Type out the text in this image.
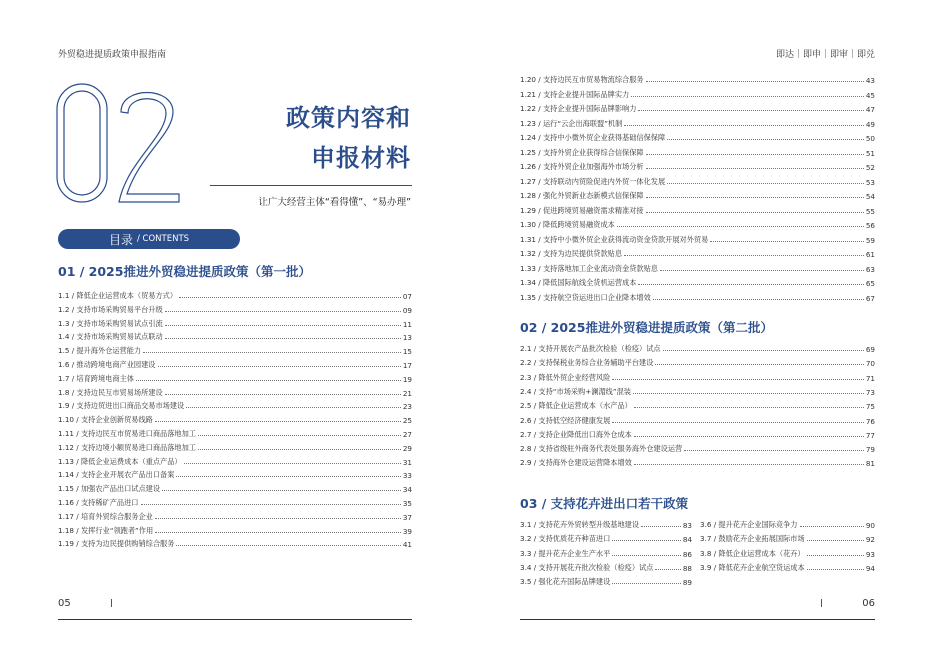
外贸稳进提质政策申报指南	即达｜即申｜即审｜即兑
政策内容和
申报材料
让广大经营主体“看得懂”、“易办理”
目录 / CONTENTS
01 / 2025推进外贸稳进提质政策（第一批）
02 / 2025推进外贸稳进提质政策（第二批）
03 / 支持花卉进出口若干政策
1.1 / 降低企业运营成本（贸易方式）	07
1.2 / 支持市场采购贸易平台升级	09
1.3 / 支持市场采购贸易试点引流	11
1.4 / 支持市场采购贸易试点联动	13
1.5 / 提升海外仓运营能力	15
1.6 / 推动跨境电商产业园建设	17
1.7 / 培育跨境电商主体	19
1.8 / 支持边民互市贸易场所建设	21
1.9 / 支持边贸进出口商品交易市场建设	23
1.10 / 支持企业创新贸易线路	25
1.11 / 支持边民互市贸易进口商品落地加工	27
1.12 / 支持边境小额贸易进口商品落地加工	29
1.13 / 降低企业运费成本（重点产品）	31
1.14 / 支持企业开展农产品出口备案	33
1.15 / 加强农产品出口试点建设	34
1.16 / 支持稀矿产品进口	35
1.17 / 培育外贸综合服务企业	37
1.18 / 发挥行业“领跑者”作用	39
1.19 / 支持为边民提供购销综合服务	41
1.20 / 支持边民互市贸易物流综合服务	43
1.21 / 支持企业提升国际品牌实力	45
1.22 / 支持企业提升国际品牌影响力	47
1.23 / 运行“云企出海联盟”机制	49
1.24 / 支持中小微外贸企业获得基础信保保障	50
1.25 / 支持外贸企业获得综合信保保障	51
1.26 / 支持外贸企业加强海外市场分析	52
1.27 / 支持联动内贸险促进内外贸一体化发展	53
1.28 / 强化外贸新业态新模式信保保障	54
1.29 / 促进跨境贸易融资需求精准对接	55
1.30 / 降低跨境贸易融资成本	56
1.31 / 支持中小微外贸企业获得流动资金贷款开展对外贸易	59
1.32 / 支持为边民提供贷款贴息	61
1.33 / 支持落地加工企业流动资金贷款贴息	63
1.34 / 降低国际航线全货机运营成本	65
1.35 / 支持航空货运进出口企业降本增效	67
2.1 / 支持开展农产品批次检验（检疫）试点	69
2.2 / 支持保税业务综合业务辅助平台建设	70
2.3 / 降低外贸企业经营风险	71
2.4 / 支持“市场采购+澜湄线”混装	73
2.5 / 降低企业运营成本（水产品）	75
2.6 / 支持低空经济健康发展	76
2.7 / 支持企业降低出口海外仓成本	77
2.8 / 支持省级驻外商务代表处服务海外仓建设运营	79
2.9 / 支持海外仓建设运营降本增效	81
3.1 / 支持花卉外贸转型升级基地建设	83
3.2 / 支持优质花卉种苗进口	84
3.3 / 提升花卉企业生产水平	86
3.4 / 支持开展花卉批次检验（检疫）试点	88
3.5 / 强化花卉国际品牌建设	89
3.6 / 提升花卉企业国际竞争力	90
3.7 / 鼓励花卉企业拓展国际市场	92
3.8 / 降低企业运营成本（花卉）	93
3.9 / 降低花卉企业航空货运成本	94
05	06
